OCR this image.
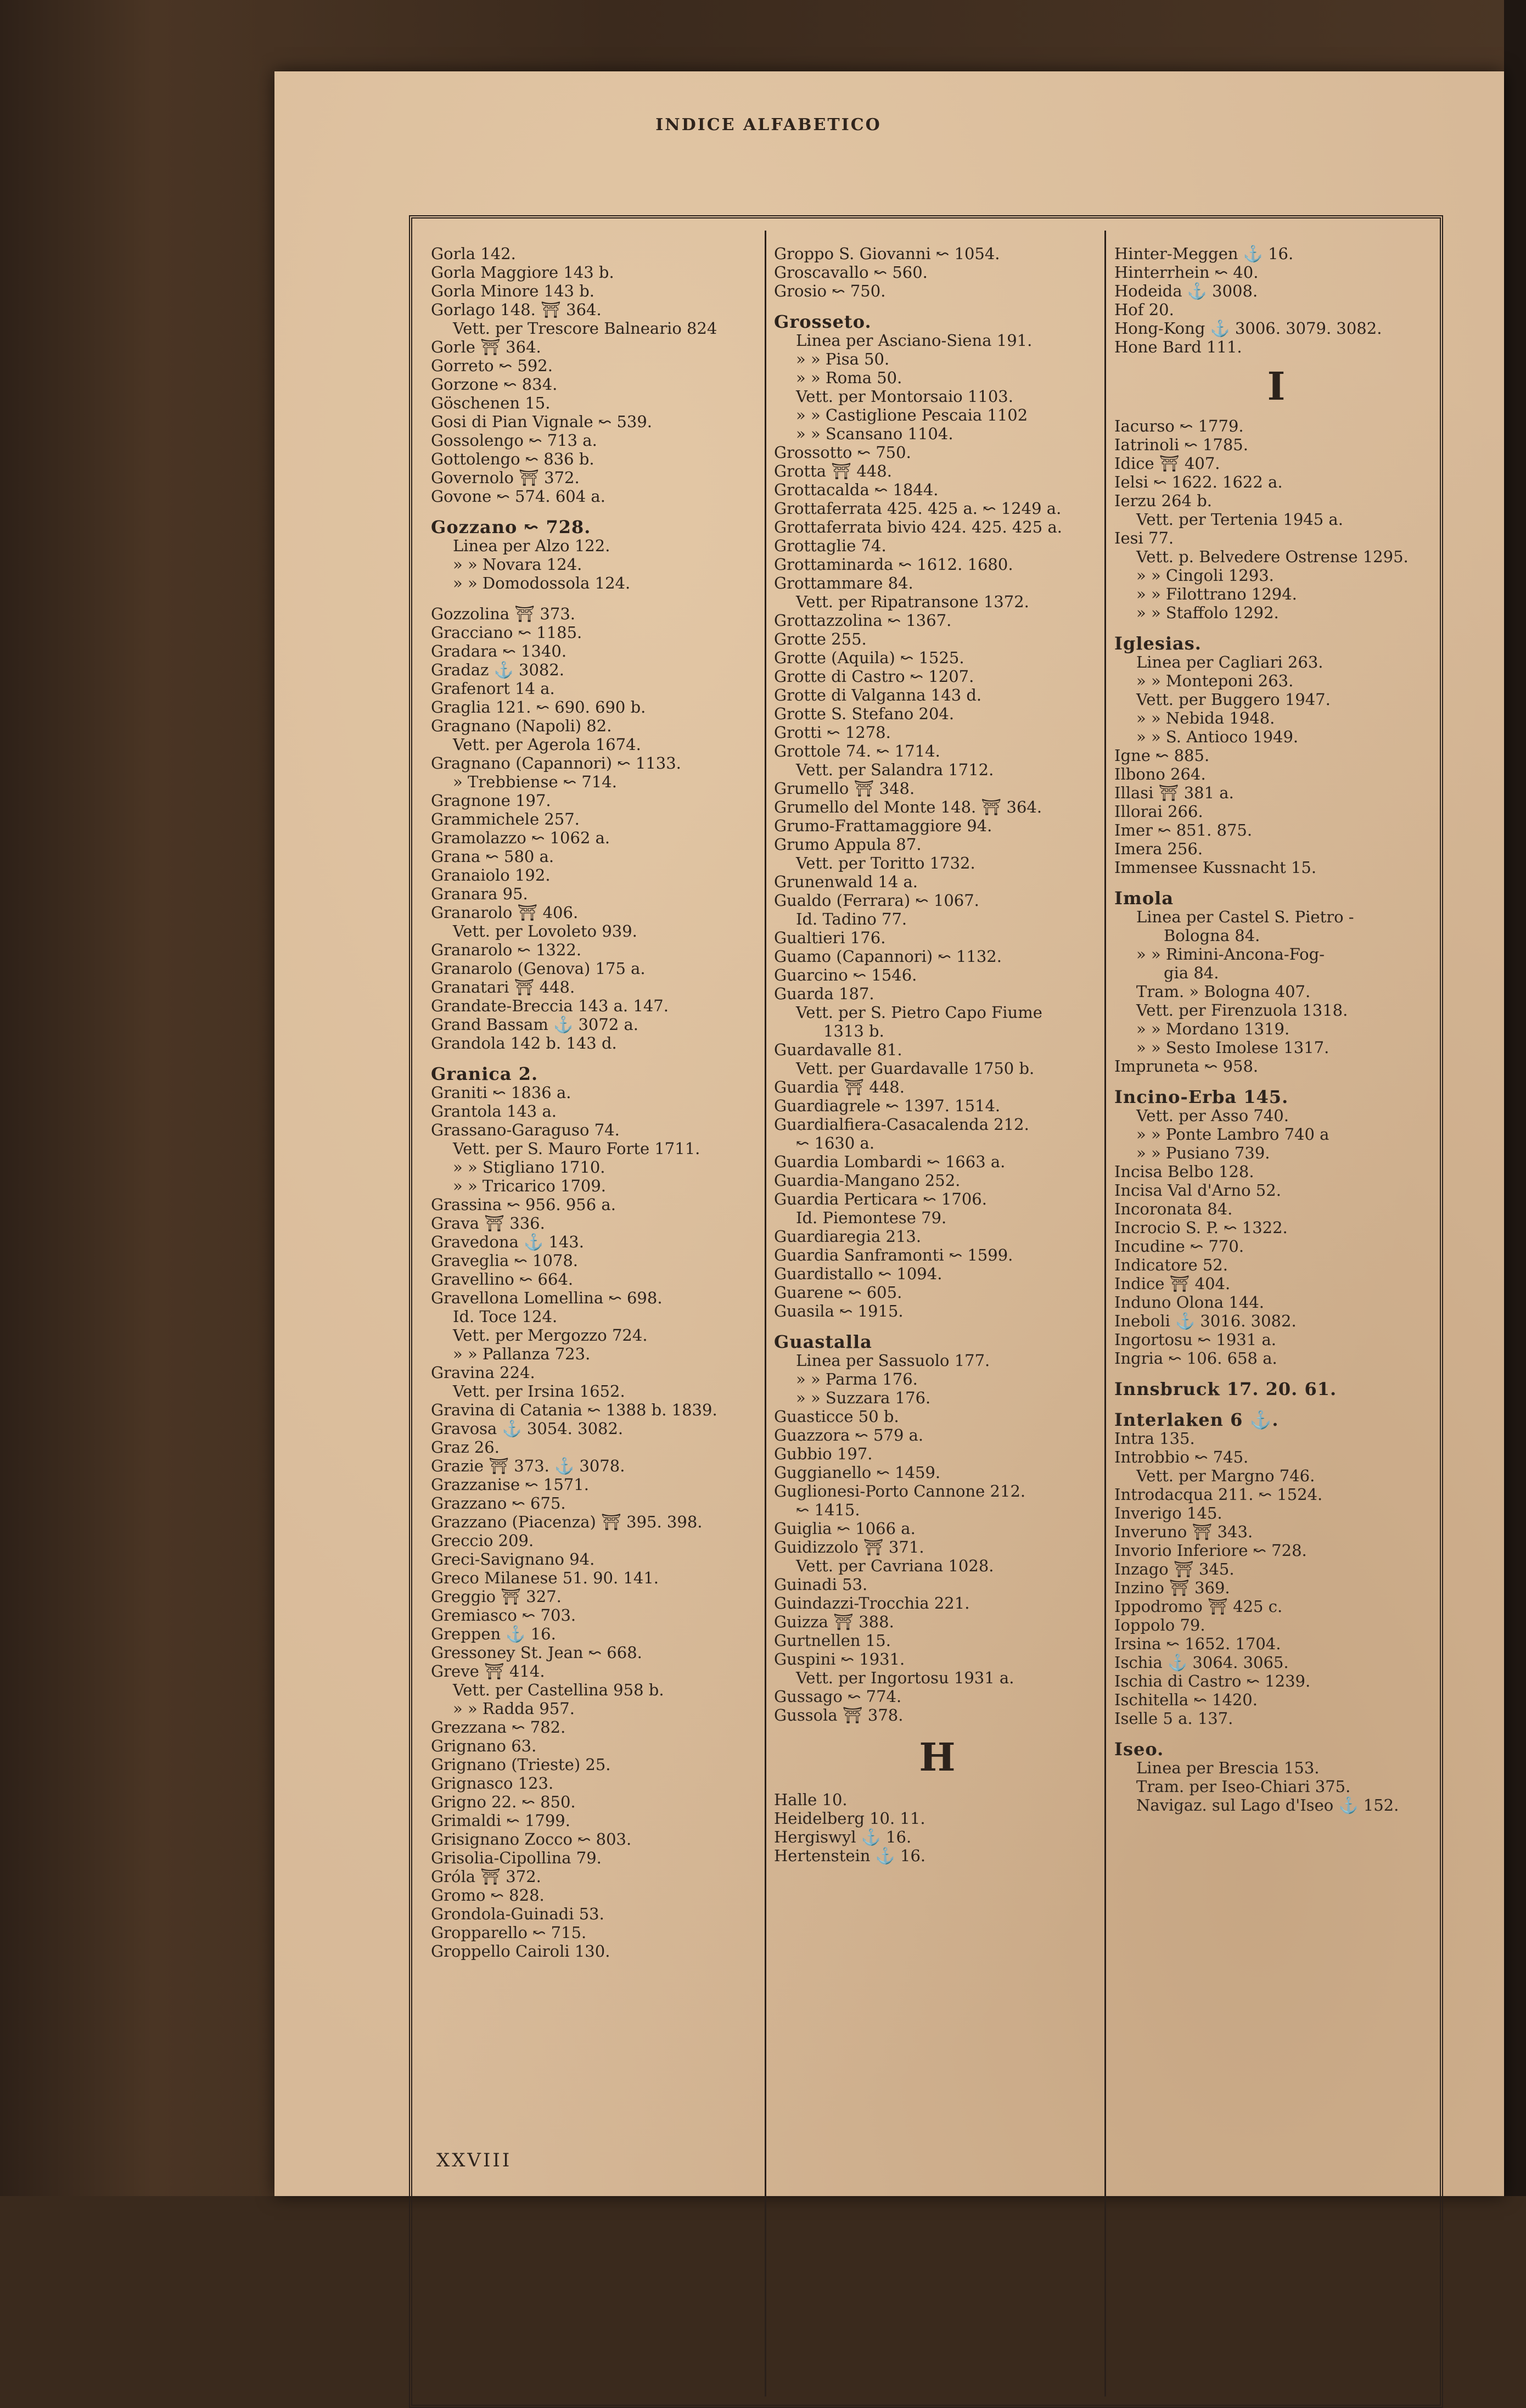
INDICE ALFABETICO
Gorla 142.
Gorla Maggiore 143 b.
Gorla Minore 143 b.
Gorlago 148. ⛩ 364.
Vett. per Trescore Balneario 824
Gorle ⛩ 364.
Gorreto ↜ 592.
Gorzone ↜ 834.
Göschenen 15.
Gosi di Pian Vignale ↜ 539.
Gossolengo ↜ 713 a.
Gottolengo ↜ 836 b.
Governolo ⛩ 372.
Govone ↜ 574. 604 a.
Gozzano ↜ 728.
Linea per Alzo 122.
» » Novara 124.
» » Domodossola 124.
Gozzolina ⛩ 373.
Gracciano ↜ 1185.
Gradara ↜ 1340.
Gradaz ⚓ 3082.
Grafenort 14 a.
Graglia 121. ↜ 690. 690 b.
Gragnano (Napoli) 82.
Vett. per Agerola 1674.
Gragnano (Capannori) ↜ 1133.
» Trebbiense ↜ 714.
Gragnone 197.
Grammichele 257.
Gramolazzo ↜ 1062 a.
Grana ↜ 580 a.
Granaiolo 192.
Granara 95.
Granarolo ⛩ 406.
Vett. per Lovoleto 939.
Granarolo ↜ 1322.
Granarolo (Genova) 175 a.
Granatari ⛩ 448.
Grandate-Breccia 143 a. 147.
Grand Bassam ⚓ 3072 a.
Grandola 142 b. 143 d.
Granica 2.
Graniti ↜ 1836 a.
Grantola 143 a.
Grassano-Garaguso 74.
Vett. per S. Mauro Forte 1711.
» » Stigliano 1710.
» » Tricarico 1709.
Grassina ↜ 956. 956 a.
Grava ⛩ 336.
Gravedona ⚓ 143.
Graveglia ↜ 1078.
Gravellino ↜ 664.
Gravellona Lomellina ↜ 698.
Id. Toce 124.
Vett. per Mergozzo 724.
» » Pallanza 723.
Gravina 224.
Vett. per Irsina 1652.
Gravina di Catania ↜ 1388 b. 1839.
Gravosa ⚓ 3054. 3082.
Graz 26.
Grazie ⛩ 373. ⚓ 3078.
Grazzanise ↜ 1571.
Grazzano ↜ 675.
Grazzano (Piacenza) ⛩ 395. 398.
Greccio 209.
Greci-Savignano 94.
Greco Milanese 51. 90. 141.
Greggio ⛩ 327.
Gremiasco ↜ 703.
Greppen ⚓ 16.
Gressoney St. Jean ↜ 668.
Greve ⛩ 414.
Vett. per Castellina 958 b.
» » Radda 957.
Grezzana ↜ 782.
Grignano 63.
Grignano (Trieste) 25.
Grignasco 123.
Grigno 22. ↜ 850.
Grimaldi ↜ 1799.
Grisignano Zocco ↜ 803.
Grisolia-Cipollina 79.
Gróla ⛩ 372.
Gromo ↜ 828.
Grondola-Guinadi 53.
Gropparello ↜ 715.
Groppello Cairoli 130.
Groppo S. Giovanni ↜ 1054.
Groscavallo ↜ 560.
Grosio ↜ 750.
Grosseto.
Linea per Asciano-Siena 191.
» » Pisa 50.
» » Roma 50.
Vett. per Montorsaio 1103.
» » Castiglione Pescaia 1102
» » Scansano 1104.
Grossotto ↜ 750.
Grotta ⛩ 448.
Grottacalda ↜ 1844.
Grottaferrata 425. 425 a. ↜ 1249 a.
Grottaferrata bivio 424. 425. 425 a.
Grottaglie 74.
Grottaminarda ↜ 1612. 1680.
Grottammare 84.
Vett. per Ripatransone 1372.
Grottazzolina ↜ 1367.
Grotte 255.
Grotte (Aquila) ↜ 1525.
Grotte di Castro ↜ 1207.
Grotte di Valganna 143 d.
Grotte S. Stefano 204.
Grotti ↜ 1278.
Grottole 74. ↜ 1714.
Vett. per Salandra 1712.
Grumello ⛩ 348.
Grumello del Monte 148. ⛩ 364.
Grumo-Frattamaggiore 94.
Grumo Appula 87.
Vett. per Toritto 1732.
Grunenwald 14 a.
Gualdo (Ferrara) ↜ 1067.
Id. Tadino 77.
Gualtieri 176.
Guamo (Capannori) ↜ 1132.
Guarcino ↜ 1546.
Guarda 187.
Vett. per S. Pietro Capo Fiume
1313 b.
Guardavalle 81.
Vett. per Guardavalle 1750 b.
Guardia ⛩ 448.
Guardiagrele ↜ 1397. 1514.
Guardialfiera-Casacalenda 212.
↜ 1630 a.
Guardia Lombardi ↜ 1663 a.
Guardia-Mangano 252.
Guardia Perticara ↜ 1706.
Id. Piemontese 79.
Guardiaregia 213.
Guardia Sanframonti ↜ 1599.
Guardistallo ↜ 1094.
Guarene ↜ 605.
Guasila ↜ 1915.
Guastalla
Linea per Sassuolo 177.
» » Parma 176.
» » Suzzara 176.
Guasticce 50 b.
Guazzora ↜ 579 a.
Gubbio 197.
Guggianello ↜ 1459.
Guglionesi-Porto Cannone 212.
↜ 1415.
Guiglia ↜ 1066 a.
Guidizzolo ⛩ 371.
Vett. per Cavriana 1028.
Guinadi 53.
Guindazzi-Trocchia 221.
Guizza ⛩ 388.
Gurtnellen 15.
Guspini ↜ 1931.
Vett. per Ingortosu 1931 a.
Gussago ↜ 774.
Gussola ⛩ 378.
H
Halle 10.
Heidelberg 10. 11.
Hergiswyl ⚓ 16.
Hertenstein ⚓ 16.
Hinter-Meggen ⚓ 16.
Hinterrhein ↜ 40.
Hodeida ⚓ 3008.
Hof 20.
Hong-Kong ⚓ 3006. 3079. 3082.
Hone Bard 111.
I
Iacurso ↜ 1779.
Iatrinoli ↜ 1785.
Idice ⛩ 407.
Ielsi ↜ 1622. 1622 a.
Ierzu 264 b.
Vett. per Tertenia 1945 a.
Iesi 77.
Vett. p. Belvedere Ostrense 1295.
» » Cingoli 1293.
» » Filottrano 1294.
» » Staffolo 1292.
Iglesias.
Linea per Cagliari 263.
» » Monteponi 263.
Vett. per Buggero 1947.
» » Nebida 1948.
» » S. Antioco 1949.
Igne ↜ 885.
Ilbono 264.
Illasi ⛩ 381 a.
Illorai 266.
Imer ↜ 851. 875.
Imera 256.
Immensee Kussnacht 15.
Imola
Linea per Castel S. Pietro -
Bologna 84.
» » Rimini-Ancona-Fog-
gia 84.
Tram. » Bologna 407.
Vett. per Firenzuola 1318.
» » Mordano 1319.
» » Sesto Imolese 1317.
Impruneta ↜ 958.
Incino-Erba 145.
Vett. per Asso 740.
» » Ponte Lambro 740 a
» » Pusiano 739.
Incisa Belbo 128.
Incisa Val d'Arno 52.
Incoronata 84.
Incrocio S. P. ↜ 1322.
Incudine ↜ 770.
Indicatore 52.
Indice ⛩ 404.
Induno Olona 144.
Ineboli ⚓ 3016. 3082.
Ingortosu ↜ 1931 a.
Ingria ↜ 106. 658 a.
Innsbruck 17. 20. 61.
Interlaken 6 ⚓.
Intra 135.
Introbbio ↜ 745.
Vett. per Margno 746.
Introdacqua 211. ↜ 1524.
Inverigo 145.
Inveruno ⛩ 343.
Invorio Inferiore ↜ 728.
Inzago ⛩ 345.
Inzino ⛩ 369.
Ippodromo ⛩ 425 c.
Ioppolo 79.
Irsina ↜ 1652. 1704.
Ischia ⚓ 3064. 3065.
Ischia di Castro ↜ 1239.
Ischitella ↜ 1420.
Iselle 5 a. 137.
Iseo.
Linea per Brescia 153.
Tram. per Iseo-Chiari 375.
Navigaz. sul Lago d'Iseo ⚓ 152.
XXVIII
